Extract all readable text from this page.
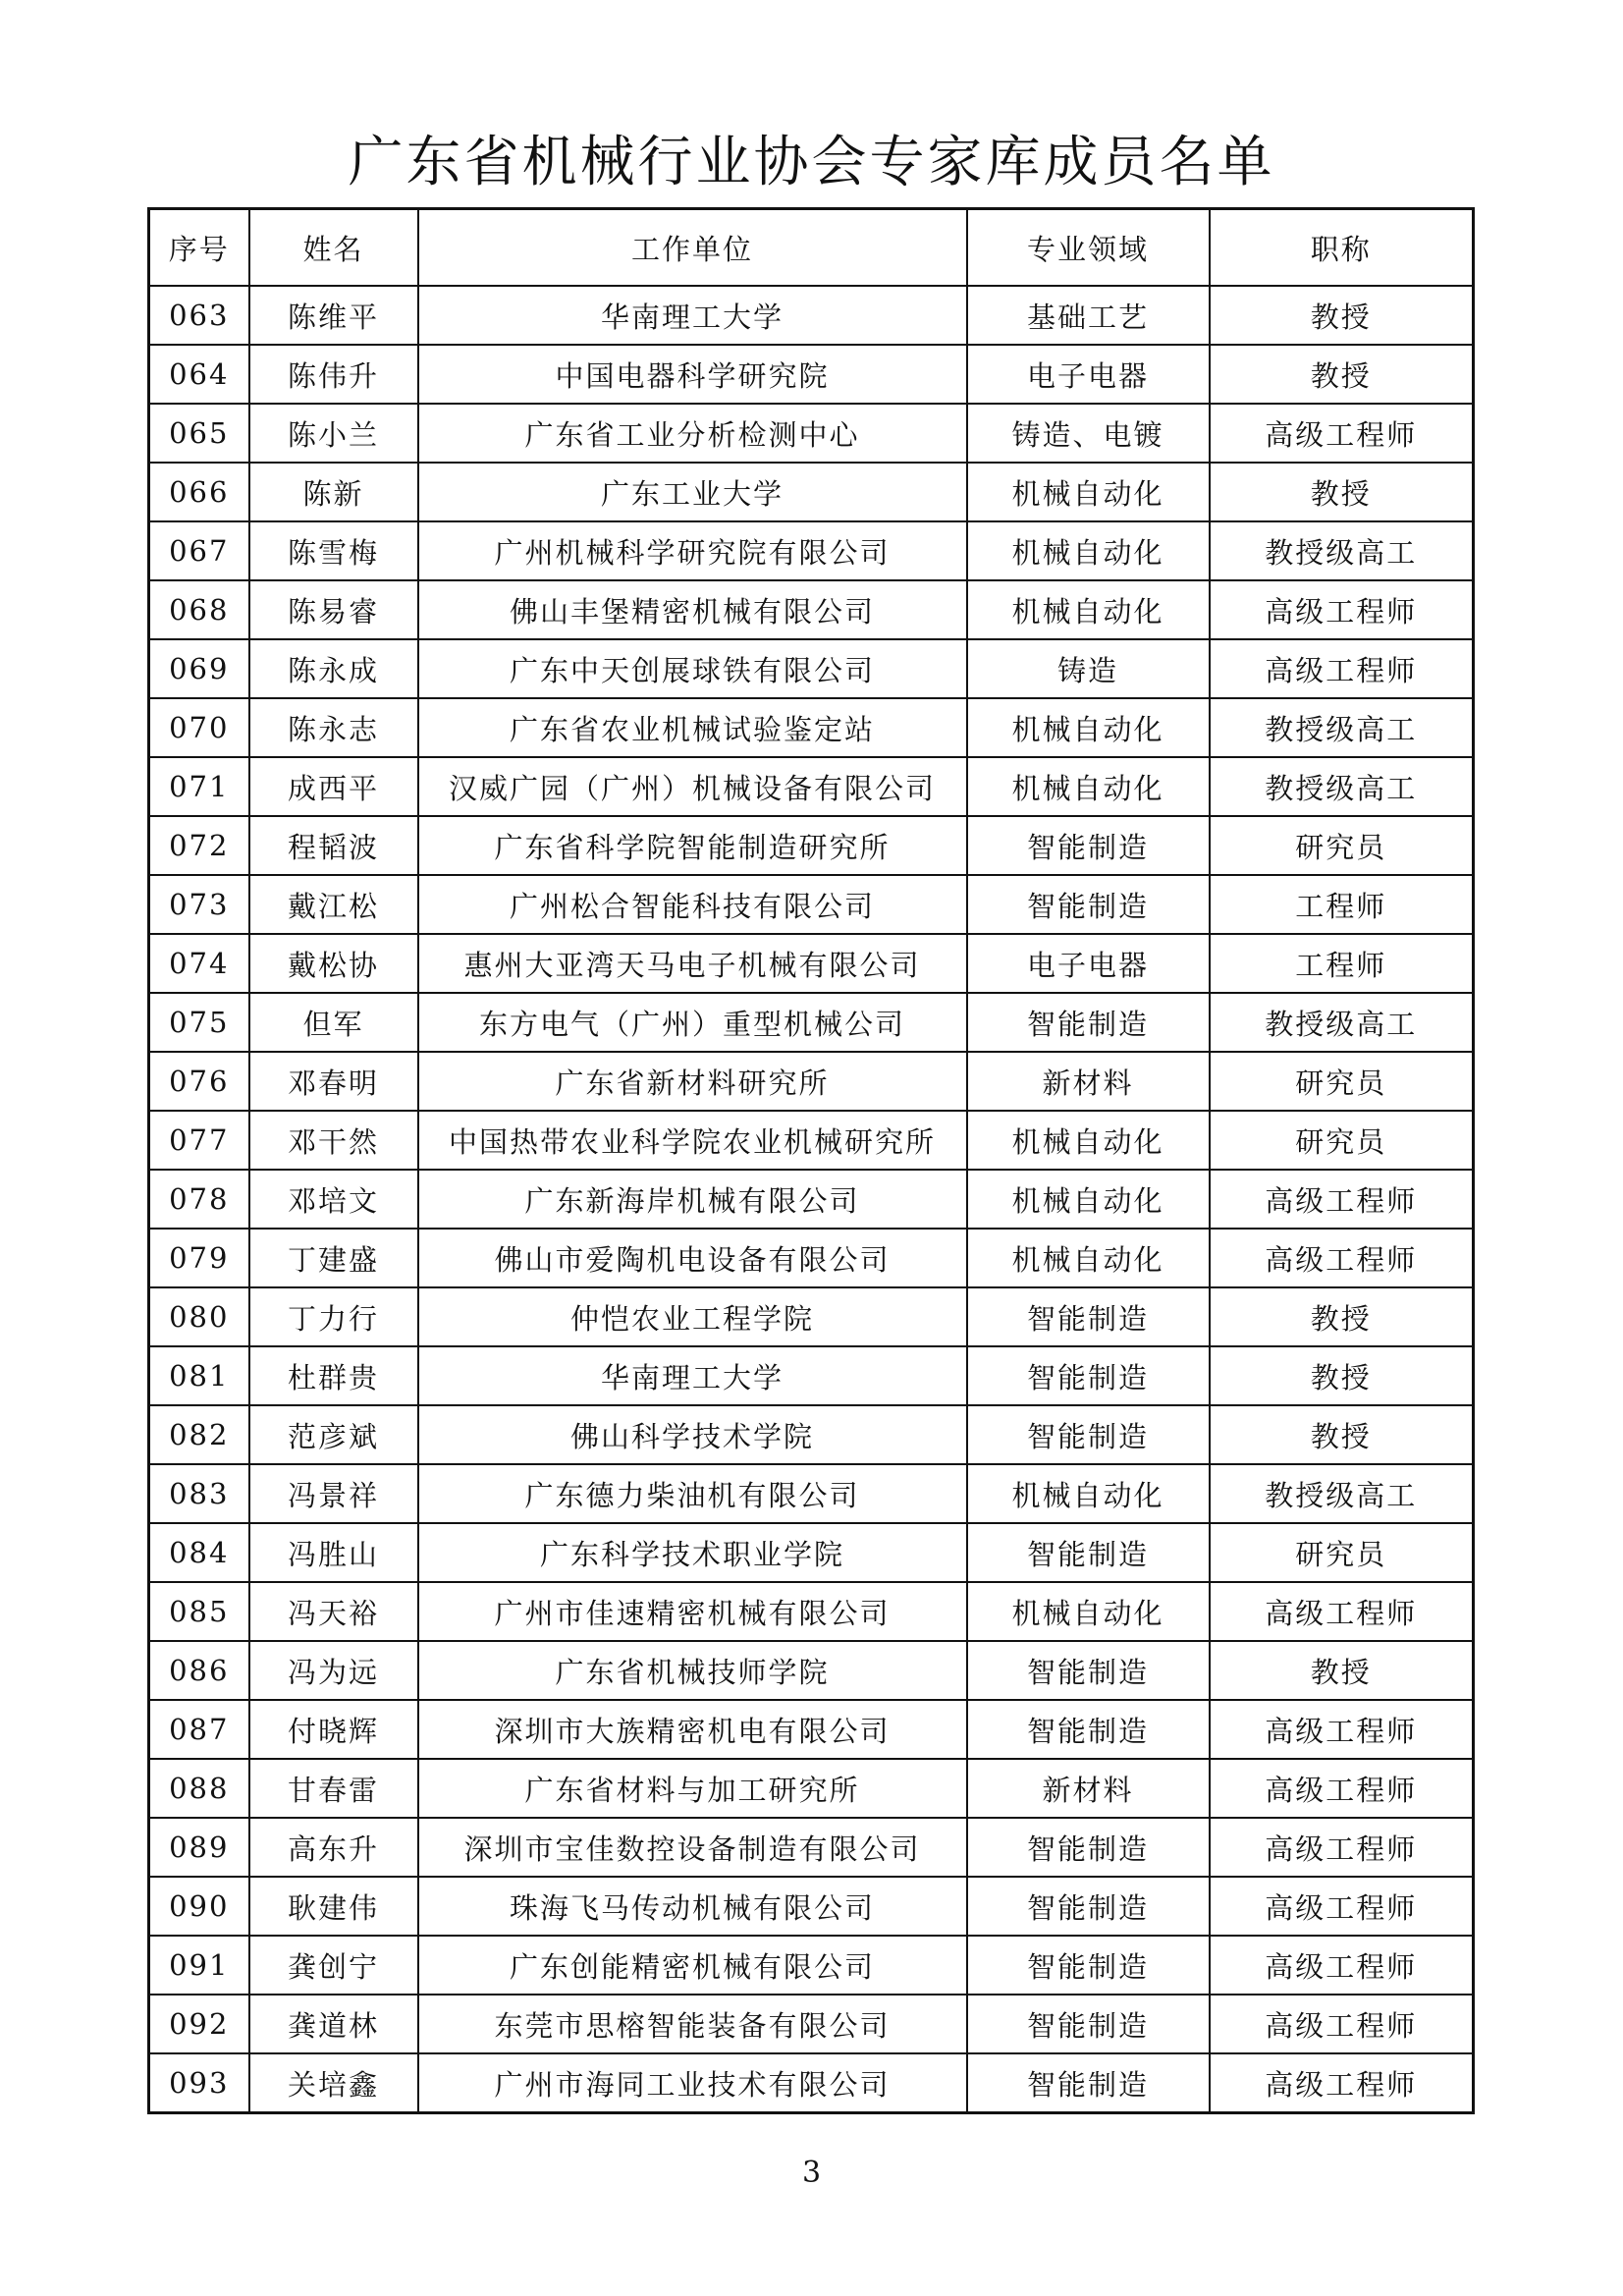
广东省机械行业协会专家库成员名单
序号	姓名	工作单位	专业领域	职称
063	陈维平	华南理工大学	基础工艺	教授
064	陈伟升	中国电器科学研究院	电子电器	教授
065	陈小兰	广东省工业分析检测中心	铸造、电镀	高级工程师
066	陈新	广东工业大学	机械自动化	教授
067	陈雪梅	广州机械科学研究院有限公司	机械自动化	教授级高工
068	陈易睿	佛山丰堡精密机械有限公司	机械自动化	高级工程师
069	陈永成	广东中天创展球铁有限公司	铸造	高级工程师
070	陈永志	广东省农业机械试验鉴定站	机械自动化	教授级高工
071	成西平	汉威广园（广州）机械设备有限公司	机械自动化	教授级高工
072	程韬波	广东省科学院智能制造研究所	智能制造	研究员
073	戴江松	广州松合智能科技有限公司	智能制造	工程师
074	戴松协	惠州大亚湾天马电子机械有限公司	电子电器	工程师
075	但军	东方电气（广州）重型机械公司	智能制造	教授级高工
076	邓春明	广东省新材料研究所	新材料	研究员
077	邓干然	中国热带农业科学院农业机械研究所	机械自动化	研究员
078	邓培文	广东新海岸机械有限公司	机械自动化	高级工程师
079	丁建盛	佛山市爱陶机电设备有限公司	机械自动化	高级工程师
080	丁力行	仲恺农业工程学院	智能制造	教授
081	杜群贵	华南理工大学	智能制造	教授
082	范彦斌	佛山科学技术学院	智能制造	教授
083	冯景祥	广东德力柴油机有限公司	机械自动化	教授级高工
084	冯胜山	广东科学技术职业学院	智能制造	研究员
085	冯天裕	广州市佳速精密机械有限公司	机械自动化	高级工程师
086	冯为远	广东省机械技师学院	智能制造	教授
087	付晓辉	深圳市大族精密机电有限公司	智能制造	高级工程师
088	甘春雷	广东省材料与加工研究所	新材料	高级工程师
089	高东升	深圳市宝佳数控设备制造有限公司	智能制造	高级工程师
090	耿建伟	珠海飞马传动机械有限公司	智能制造	高级工程师
091	龚创宁	广东创能精密机械有限公司	智能制造	高级工程师
092	龚道林	东莞市思榕智能装备有限公司	智能制造	高级工程师
093	关培鑫	广州市海同工业技术有限公司	智能制造	高级工程师
3
